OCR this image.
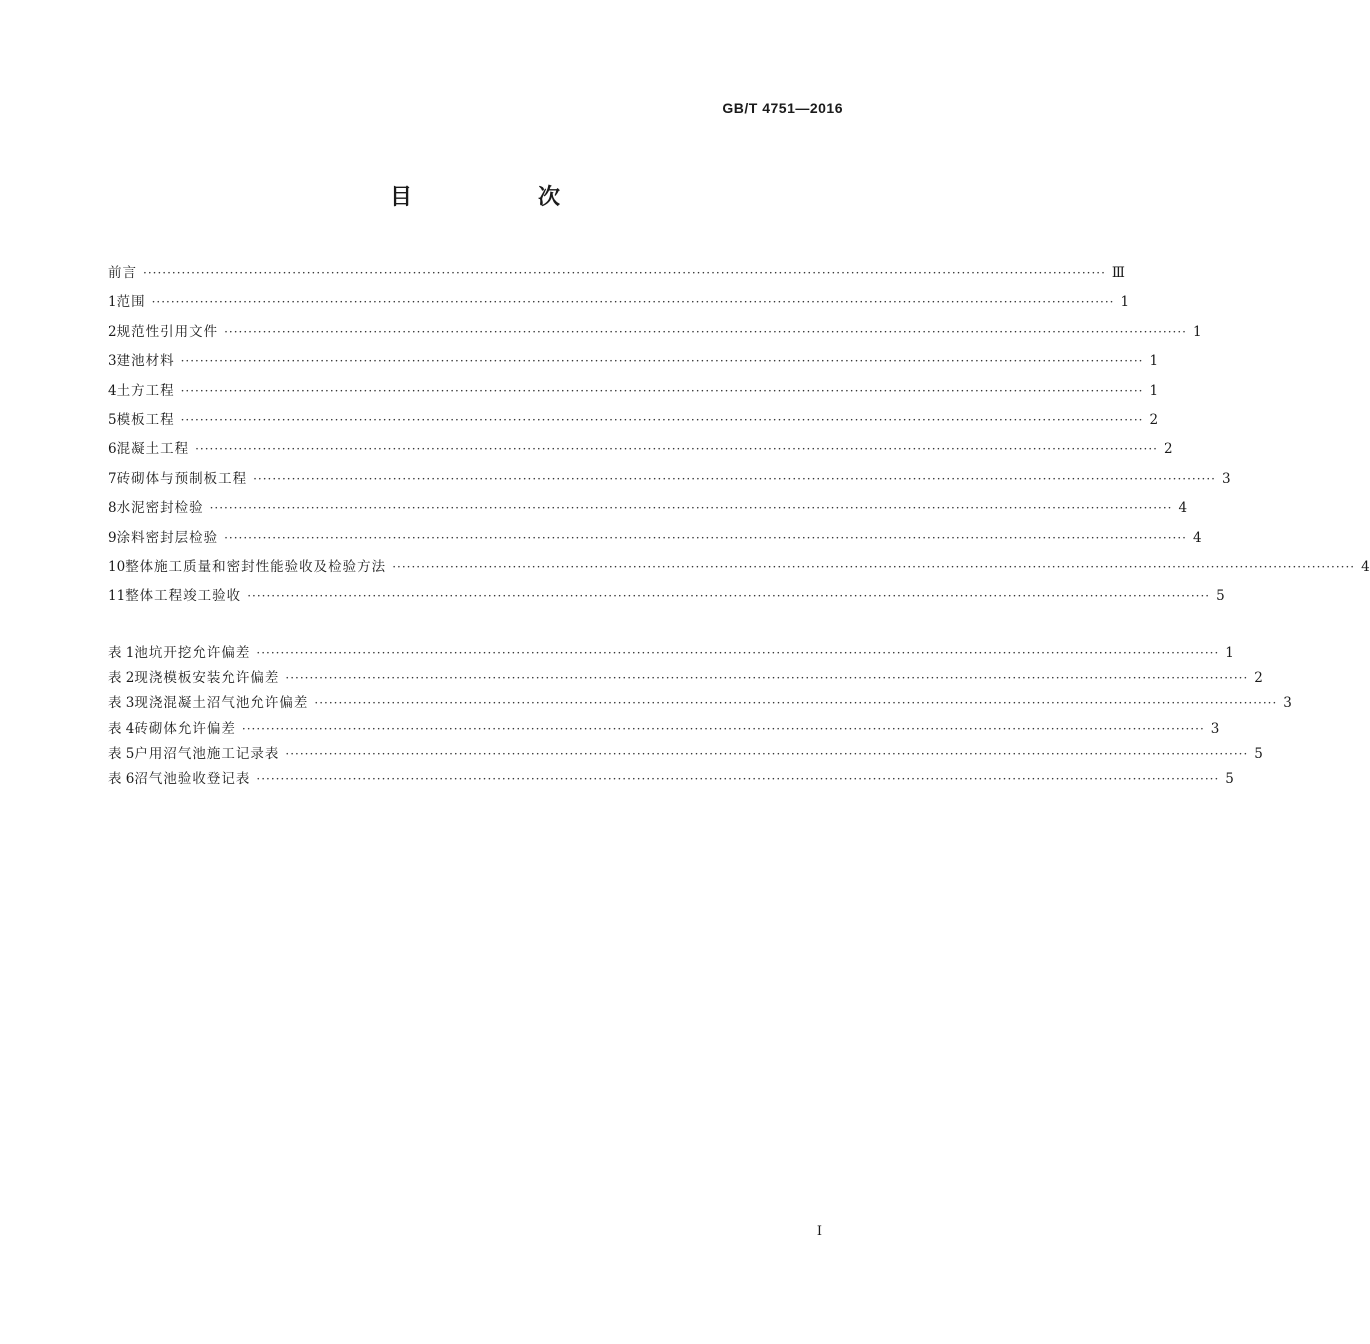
GB/T 4751—2016
目　次
前言 ········································································································································································································ Ⅲ
1 范围 ········································································································································································································ 1
2 规范性引用文件 ········································································································································································································ 1
3 建池材料 ········································································································································································································ 1
4 土方工程 ········································································································································································································ 1
5 模板工程 ········································································································································································································ 2
6 混凝土工程 ········································································································································································································ 2
7 砖砌体与预制板工程 ········································································································································································································ 3
8 水泥密封检验 ········································································································································································································ 4
9 涂料密封层检验 ········································································································································································································ 4
10 整体施工质量和密封性能验收及检验方法 ········································································································································································································ 4
11 整体工程竣工验收 ········································································································································································································ 5
表 1 池坑开挖允许偏差 ········································································································································································································ 1
表 2 现浇模板安装允许偏差 ········································································································································································································ 2
表 3 现浇混凝土沼气池允许偏差 ········································································································································································································ 3
表 4 砖砌体允许偏差 ········································································································································································································ 3
表 5 户用沼气池施工记录表 ········································································································································································································ 5
表 6 沼气池验收登记表 ········································································································································································································ 5
I
